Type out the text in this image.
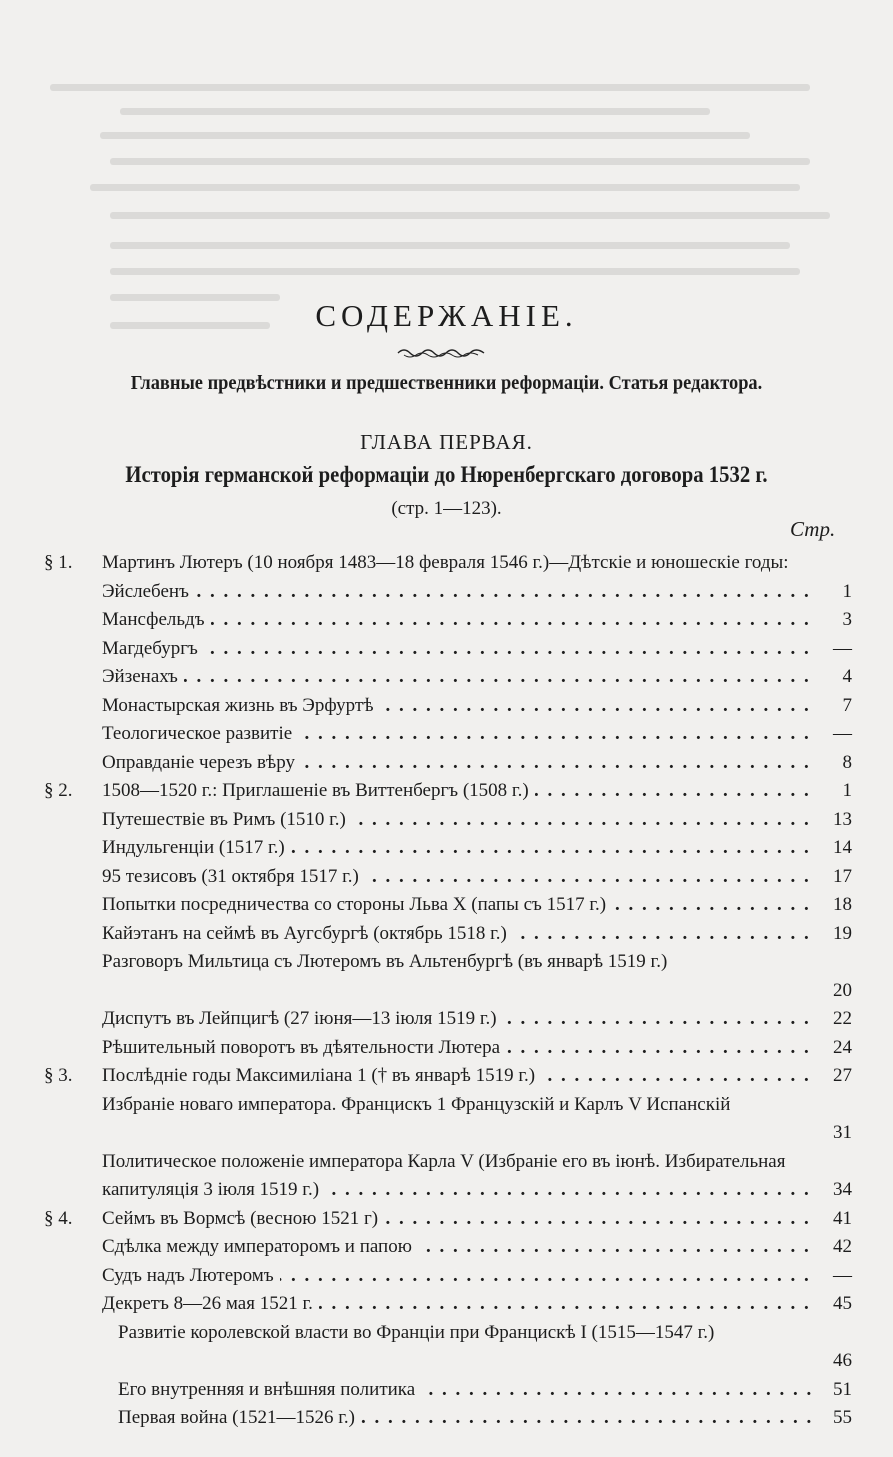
СОДЕРЖАНІЕ.
Главные предвѣстники и предшественники реформаціи. Статья редактора.
ГЛАВА ПЕРВАЯ.
Исторія германской реформаціи до Нюренбергскаго договора 1532 г.
(стр. 1—123).
Стр.
§ 1. Мартинъ Лютеръ (10 ноября 1483—18 февраля 1546 г.)—Дѣтскіе и юношескіе годы: Эйслебенъ . . .	1
Мансфельдъ . . .	3
Магдебургъ . . .	—
Эйзенахъ . . .	4
Монастырская жизнь въ Эрфуртѣ . . .	7
Теологическое развитіе . . .	—
Оправданіе черезъ вѣру . . .	8
§ 2. 1508—1520 г.: Приглашеніе въ Виттенбергъ (1508 г.) . . .	1
Путешествіе въ Римъ (1510 г.) . . .	13
Индульгенціи (1517 г.) . . .	14
95 тезисовъ (31 октября 1517 г.) . . .	17
Попытки посредничества со стороны Льва X (папы съ 1517 г.) . . .	18
Кайэтанъ на сеймѣ въ Аугсбургѣ (октябрь 1518 г.) . . .	19
Разговоръ Мильтица съ Лютеромъ въ Альтенбургѣ (въ январѣ 1519 г.) . . .
20
Диспутъ въ Лейпцигѣ (27 іюня—13 іюля 1519 г.) . . .	22
Рѣшительный поворотъ въ дѣятельности Лютера . . .	24
§ 3. Послѣдніе годы Максимиліана 1 († въ январѣ 1519 г.) . . .	27
Избраніе новаго императора. Францискъ 1 Французскій и Карлъ V Испанскій . . .
31
Политическое положеніе императора Карла V (Избраніе его въ іюнѣ. Избирательная капитуляція 3 іюля 1519 г.) . . .	34
§ 4. Сеймъ въ Вормсѣ (весною 1521 г) . . .	41
Сдѣлка между императоромъ и папою . . .	42
Судъ надъ Лютеромъ . . .	—
Декретъ 8—26 мая 1521 г. . . .	45
Развитіе королевской власти во Франціи при Францискѣ I (1515—1547 г.) . . .
46
Его внутренняя и внѣшняя политика . . .	51
Первая война (1521—1526 г.) . . .	55
